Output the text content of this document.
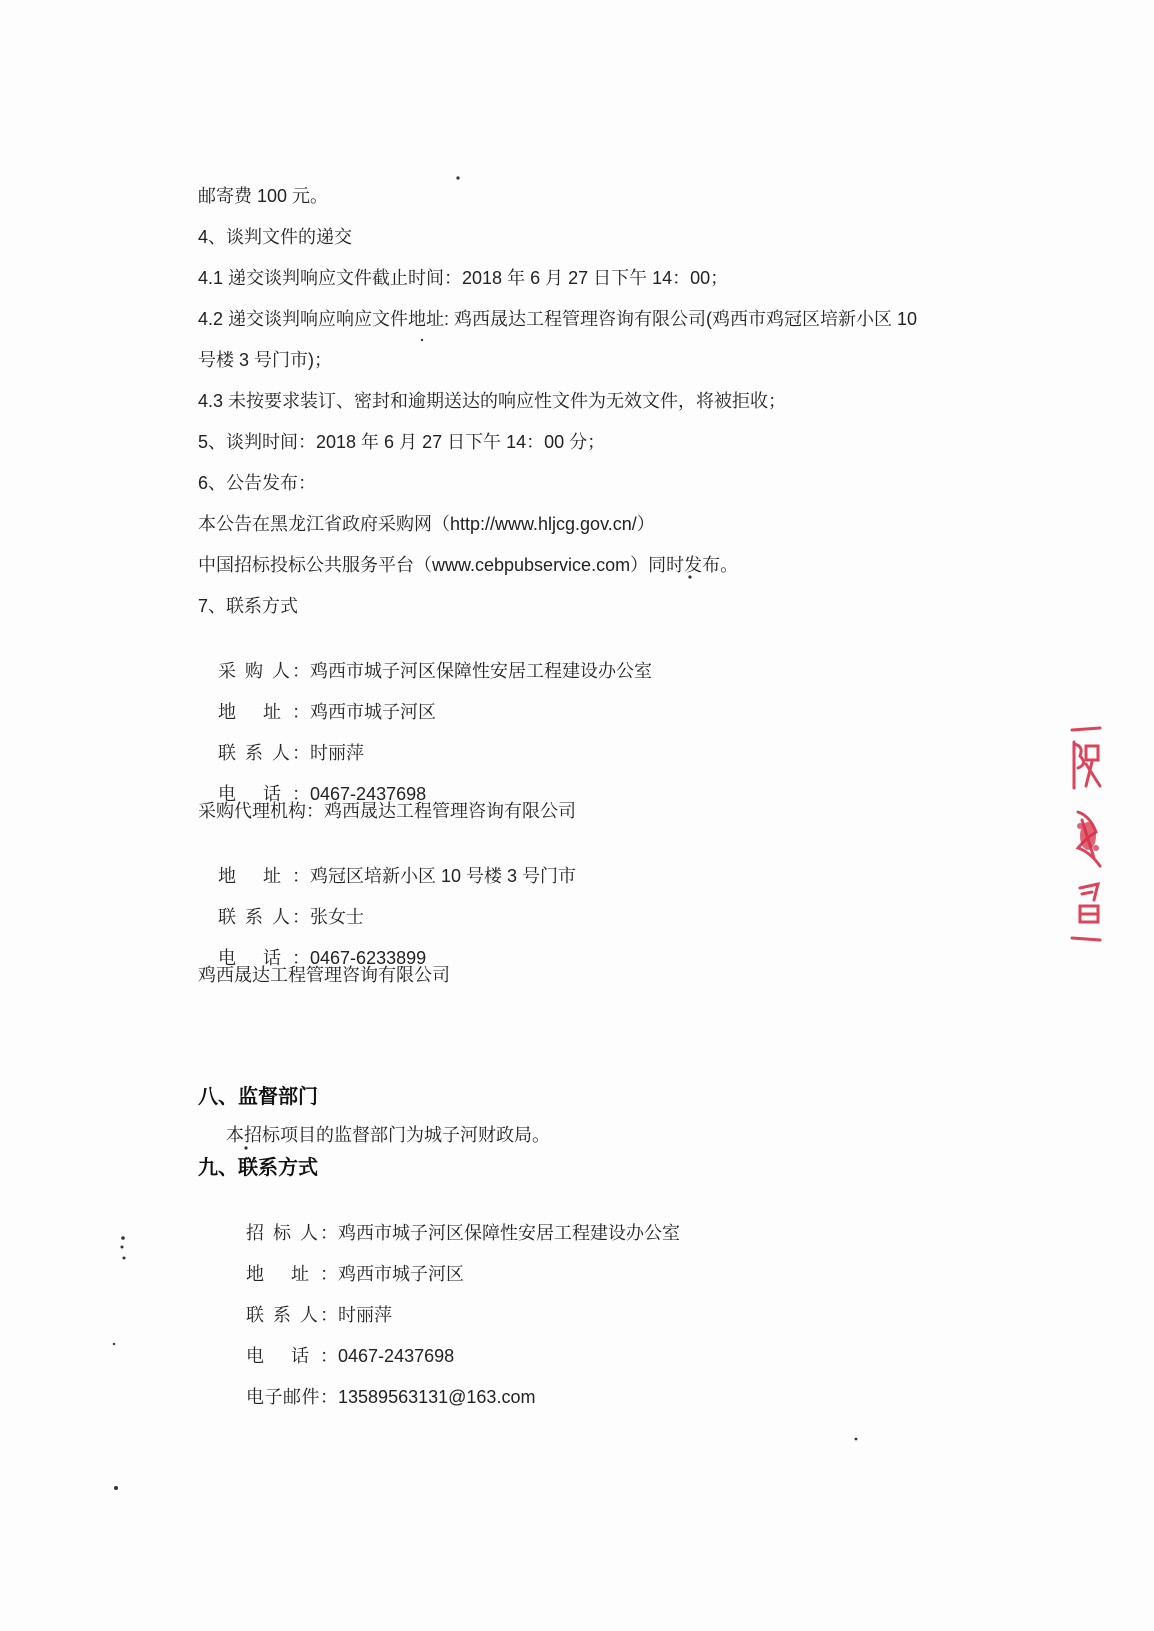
邮寄费 100 元。
4、谈判文件的递交
4.1 递交谈判响应文件截止时间：2018 年 6 月 27 日下午 14：00；
4.2 递交谈判响应响应文件地址: 鸡西晟达工程管理咨询有限公司(鸡西市鸡冠区培新小区 10
号楼 3 号门市)；
4.3 未按要求装订、密封和逾期送达的响应性文件为无效文件，将被拒收；
5、谈判时间：2018 年 6 月 27 日下午 14：00 分；
6、公告发布：
本公告在黑龙江省政府采购网（http://www.hljcg.gov.cn/）
中国招标投标公共服务平台（www.cebpubservice.com）同时发布。
7、联系方式

采 购 人：鸡西市城子河区保障性安居工程建设办公室

地 址：鸡西市城子河区

联 系 人：时丽萍

电 话：0467-2437698

采购代理机构：鸡西晟达工程管理咨询有限公司

地 址：鸡冠区培新小区 10 号楼 3 号门市

联 系 人：张女士

电 话：0467-6233899

鸡西晟达工程管理咨询有限公司
八、监督部门
本招标项目的监督部门为城子河财政局。
九、联系方式

招 标 人：鸡西市城子河区保障性安居工程建设办公室

地 址：鸡西市城子河区

联 系 人：时丽萍

电 话：0467-2437698

电子邮件：13589563131@163.com
